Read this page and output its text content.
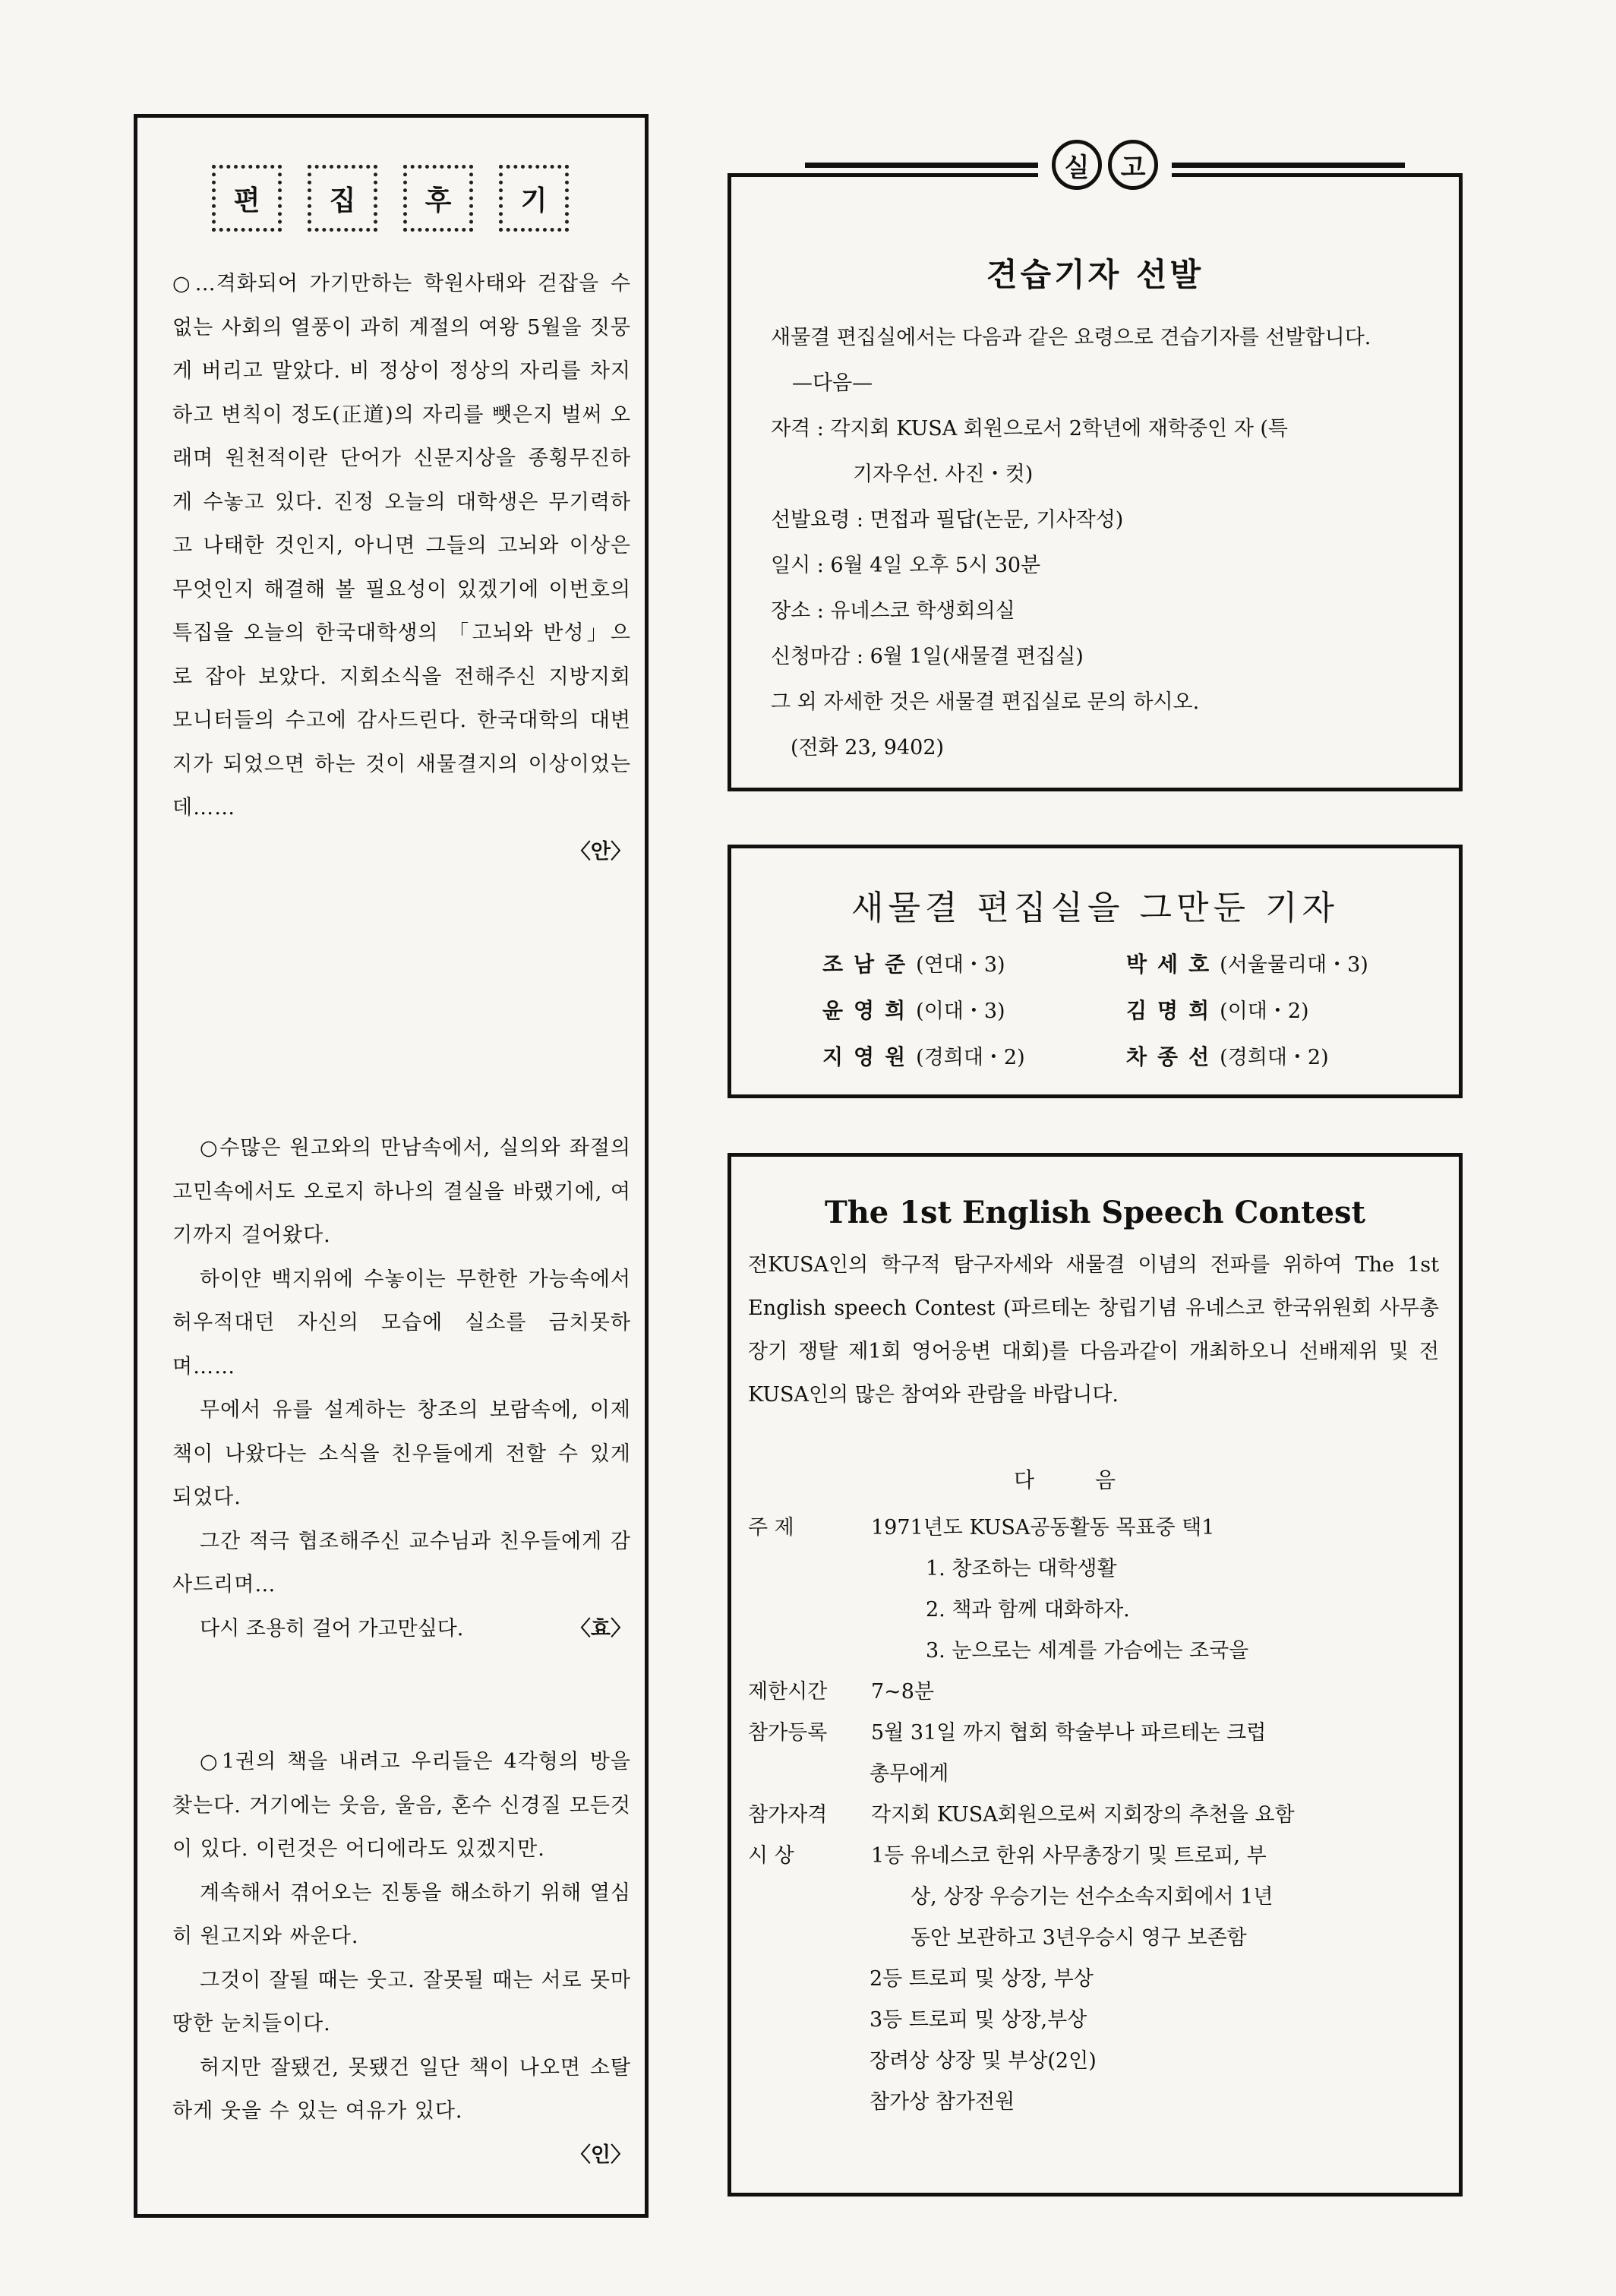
편	집	후	기

○…격화되어 가기만하는 학원사태와 걷잡을 수 없는 사회의 열풍이 과히 계절의 여왕 5월을 짓뭉게 버리고 말았다. 비 정상이 정상의 자리를 차지하고 변칙이 정도(正道)의 자리를 뺏은지 벌써 오래며 원천적이란 단어가 신문지상을 종횡무진하게 수놓고 있다. 진정 오늘의 대학생은 무기력하고 나태한 것인지, 아니면 그들의 고뇌와 이상은 무엇인지 해결해 볼 필요성이 있겠기에 이번호의 특집을 오늘의 한국대학생의 「고뇌와 반성」으로 잡아 보았다. 지회소식을 전해주신 지방지회 모니터들의 수고에 감사드린다. 한국대학의 대변지가 되었으면 하는 것이 새물결지의 이상이었는데……

〈안〉

○수많은 원고와의 만남속에서, 실의와 좌절의 고민속에서도 오로지 하나의 결실을 바랬기에, 여기까지 걸어왔다.

하이얀 백지위에 수놓이는 무한한 가능속에서 허우적대던 자신의 모습에 실소를 금치못하며……

무에서 유를 설계하는 창조의 보람속에, 이제 책이 나왔다는 소식을 친우들에게 전할 수 있게 되었다.

그간 적극 협조해주신 교수님과 친우들에게 감사드리며…

다시 조용히 걸어 가고만싶다.	〈효〉

○1권의 책을 내려고 우리들은 4각형의 방을 찾는다. 거기에는 웃음, 울음, 혼수 신경질 모든것이 있다. 이런것은 어디에라도 있겠지만.

계속해서 겪어오는 진통을 해소하기 위해 열심히 원고지와 싸운다.

그것이 잘될 때는 웃고. 잘못될 때는 서로 못마땅한 눈치들이다.

허지만 잘됐건, 못됐건 일단 책이 나오면 소탈하게 웃을 수 있는 여유가 있다.

〈인〉
견습기자 선발

새물결 편집실에서는 다음과 같은 요령으로 견습기자를 선발합니다.

—다음—

자격 : 각지회 KUSA 회원으로서 2학년에 재학중인 자 (특

기자우선. 사진・컷)

선발요령 : 면접과 필답(논문, 기사작성)

일시 : 6월 4일 오후 5시 30분

장소 : 유네스코 학생회의실

신청마감 : 6월 1일(새물결 편집실)

그 외 자세한 것은 새물결 편집실로 문의 하시오.

(전화 23, 9402)

실	고
새물결 편집실을 그만둔 기자
조남준(연대・3)	박세호(서울물리대・3)
윤영희(이대・3)	김명희(이대・2)
지영원(경희대・2)	차종선(경희대・2)
The 1st English Speech Contest

전KUSA인의 학구적 탐구자세와 새물결 이념의 전파를 위하여 The 1st English speech Contest (파르테논 창립기념 유네스코 한국위원회 사무총장기 쟁탈 제1회 영어웅변 대회)를 다음과같이 개최하오니 선배제위 및 전 KUSA인의 많은 참여와 관람을 바랍니다.

다음
주 제	1971년도 KUSA공동활동 목표중 택1
1. 창조하는 대학생활
2. 책과 함께 대화하자.
3. 눈으로는 세계를 가슴에는 조국을
제한시간	7~8분
참가등록	5월 31일 까지 협회 학술부나 파르테논 크럽
총무에게
참가자격	각지회 KUSA회원으로써 지회장의 추천을 요함
시 상	1등 유네스코 한위 사무총장기 및 트로피, 부
상, 상장 우승기는 선수소속지회에서 1년
동안 보관하고 3년우승시 영구 보존함
2등 트로피 및 상장, 부상
3등 트로피 및 상장,부상
장려상 상장 및 부상(2인)
참가상 참가전원
